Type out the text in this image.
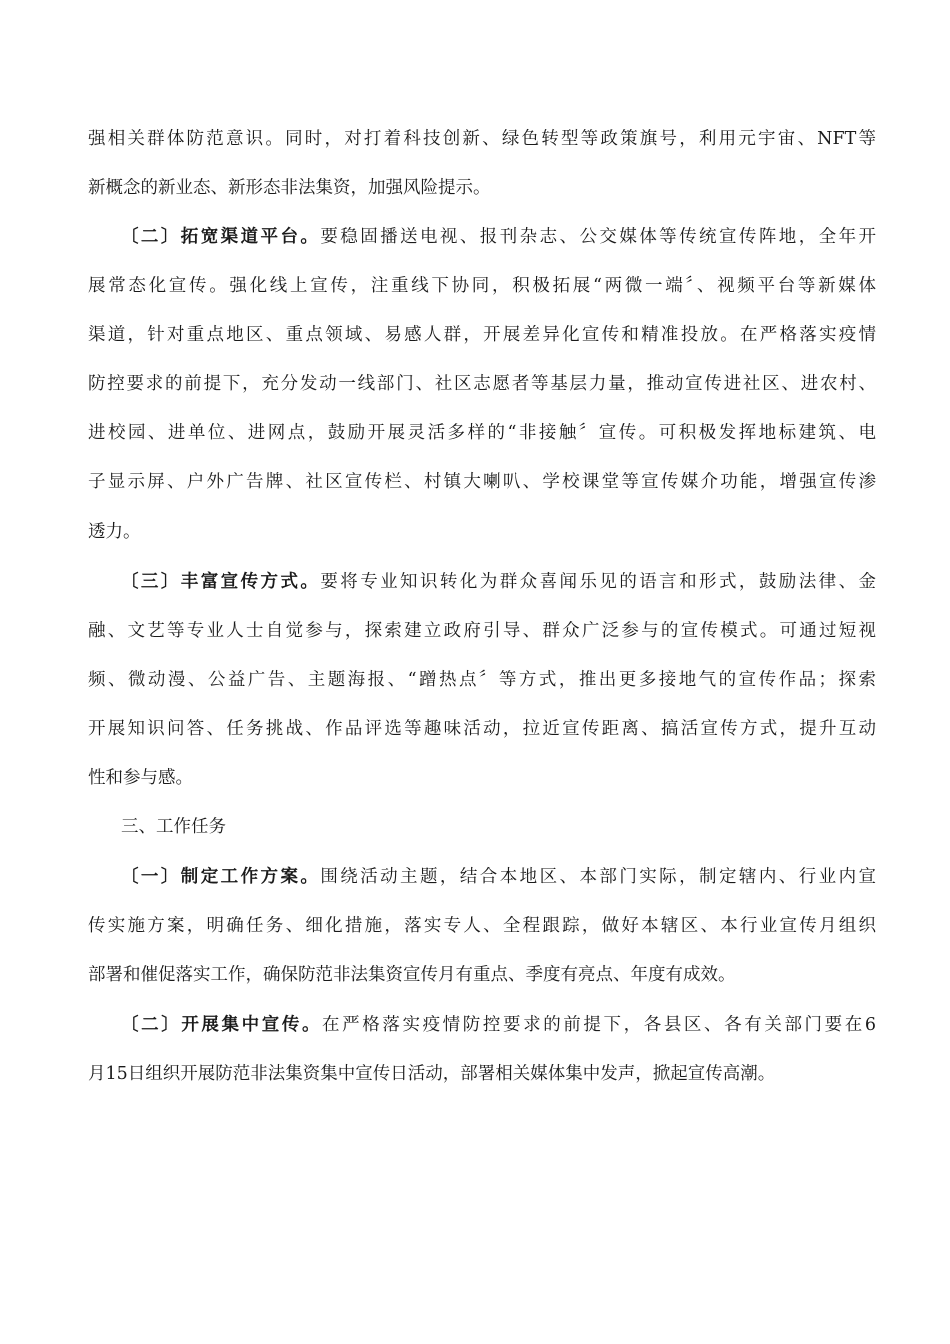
强相关群体防范意识。同时，对打着科技创新、绿色转型等政策旗号，利用元宇宙、NFT等
新概念的新业态、新形态非法集资，加强风险提示。
〔二〕拓宽渠道平台。要稳固播送电视、报刊杂志、公交媒体等传统宣传阵地，全年开
展常态化宣传。强化线上宣传，注重线下协同，积极拓展“两微一端〞、视频平台等新媒体
渠道，针对重点地区、重点领域、易感人群，开展差异化宣传和精准投放。在严格落实疫情
防控要求的前提下，充分发动一线部门、社区志愿者等基层力量，推动宣传进社区、进农村、
进校园、进单位、进网点，鼓励开展灵活多样的“非接触〞宣传。可积极发挥地标建筑、电
子显示屏、户外广告牌、社区宣传栏、村镇大喇叭、学校课堂等宣传媒介功能，增强宣传渗
透力。
〔三〕丰富宣传方式。要将专业知识转化为群众喜闻乐见的语言和形式，鼓励法律、金
融、文艺等专业人士自觉参与，探索建立政府引导、群众广泛参与的宣传模式。可通过短视
频、微动漫、公益广告、主题海报、“蹭热点〞等方式，推出更多接地气的宣传作品；探索
开展知识问答、任务挑战、作品评选等趣味活动，拉近宣传距离、搞活宣传方式，提升互动
性和参与感。
三、工作任务
〔一〕制定工作方案。围绕活动主题，结合本地区、本部门实际，制定辖内、行业内宣
传实施方案，明确任务、细化措施，落实专人、全程跟踪，做好本辖区、本行业宣传月组织
部署和催促落实工作，确保防范非法集资宣传月有重点、季度有亮点、年度有成效。
〔二〕开展集中宣传。在严格落实疫情防控要求的前提下，各县区、各有关部门要在6
月15日组织开展防范非法集资集中宣传日活动，部署相关媒体集中发声，掀起宣传高潮。
